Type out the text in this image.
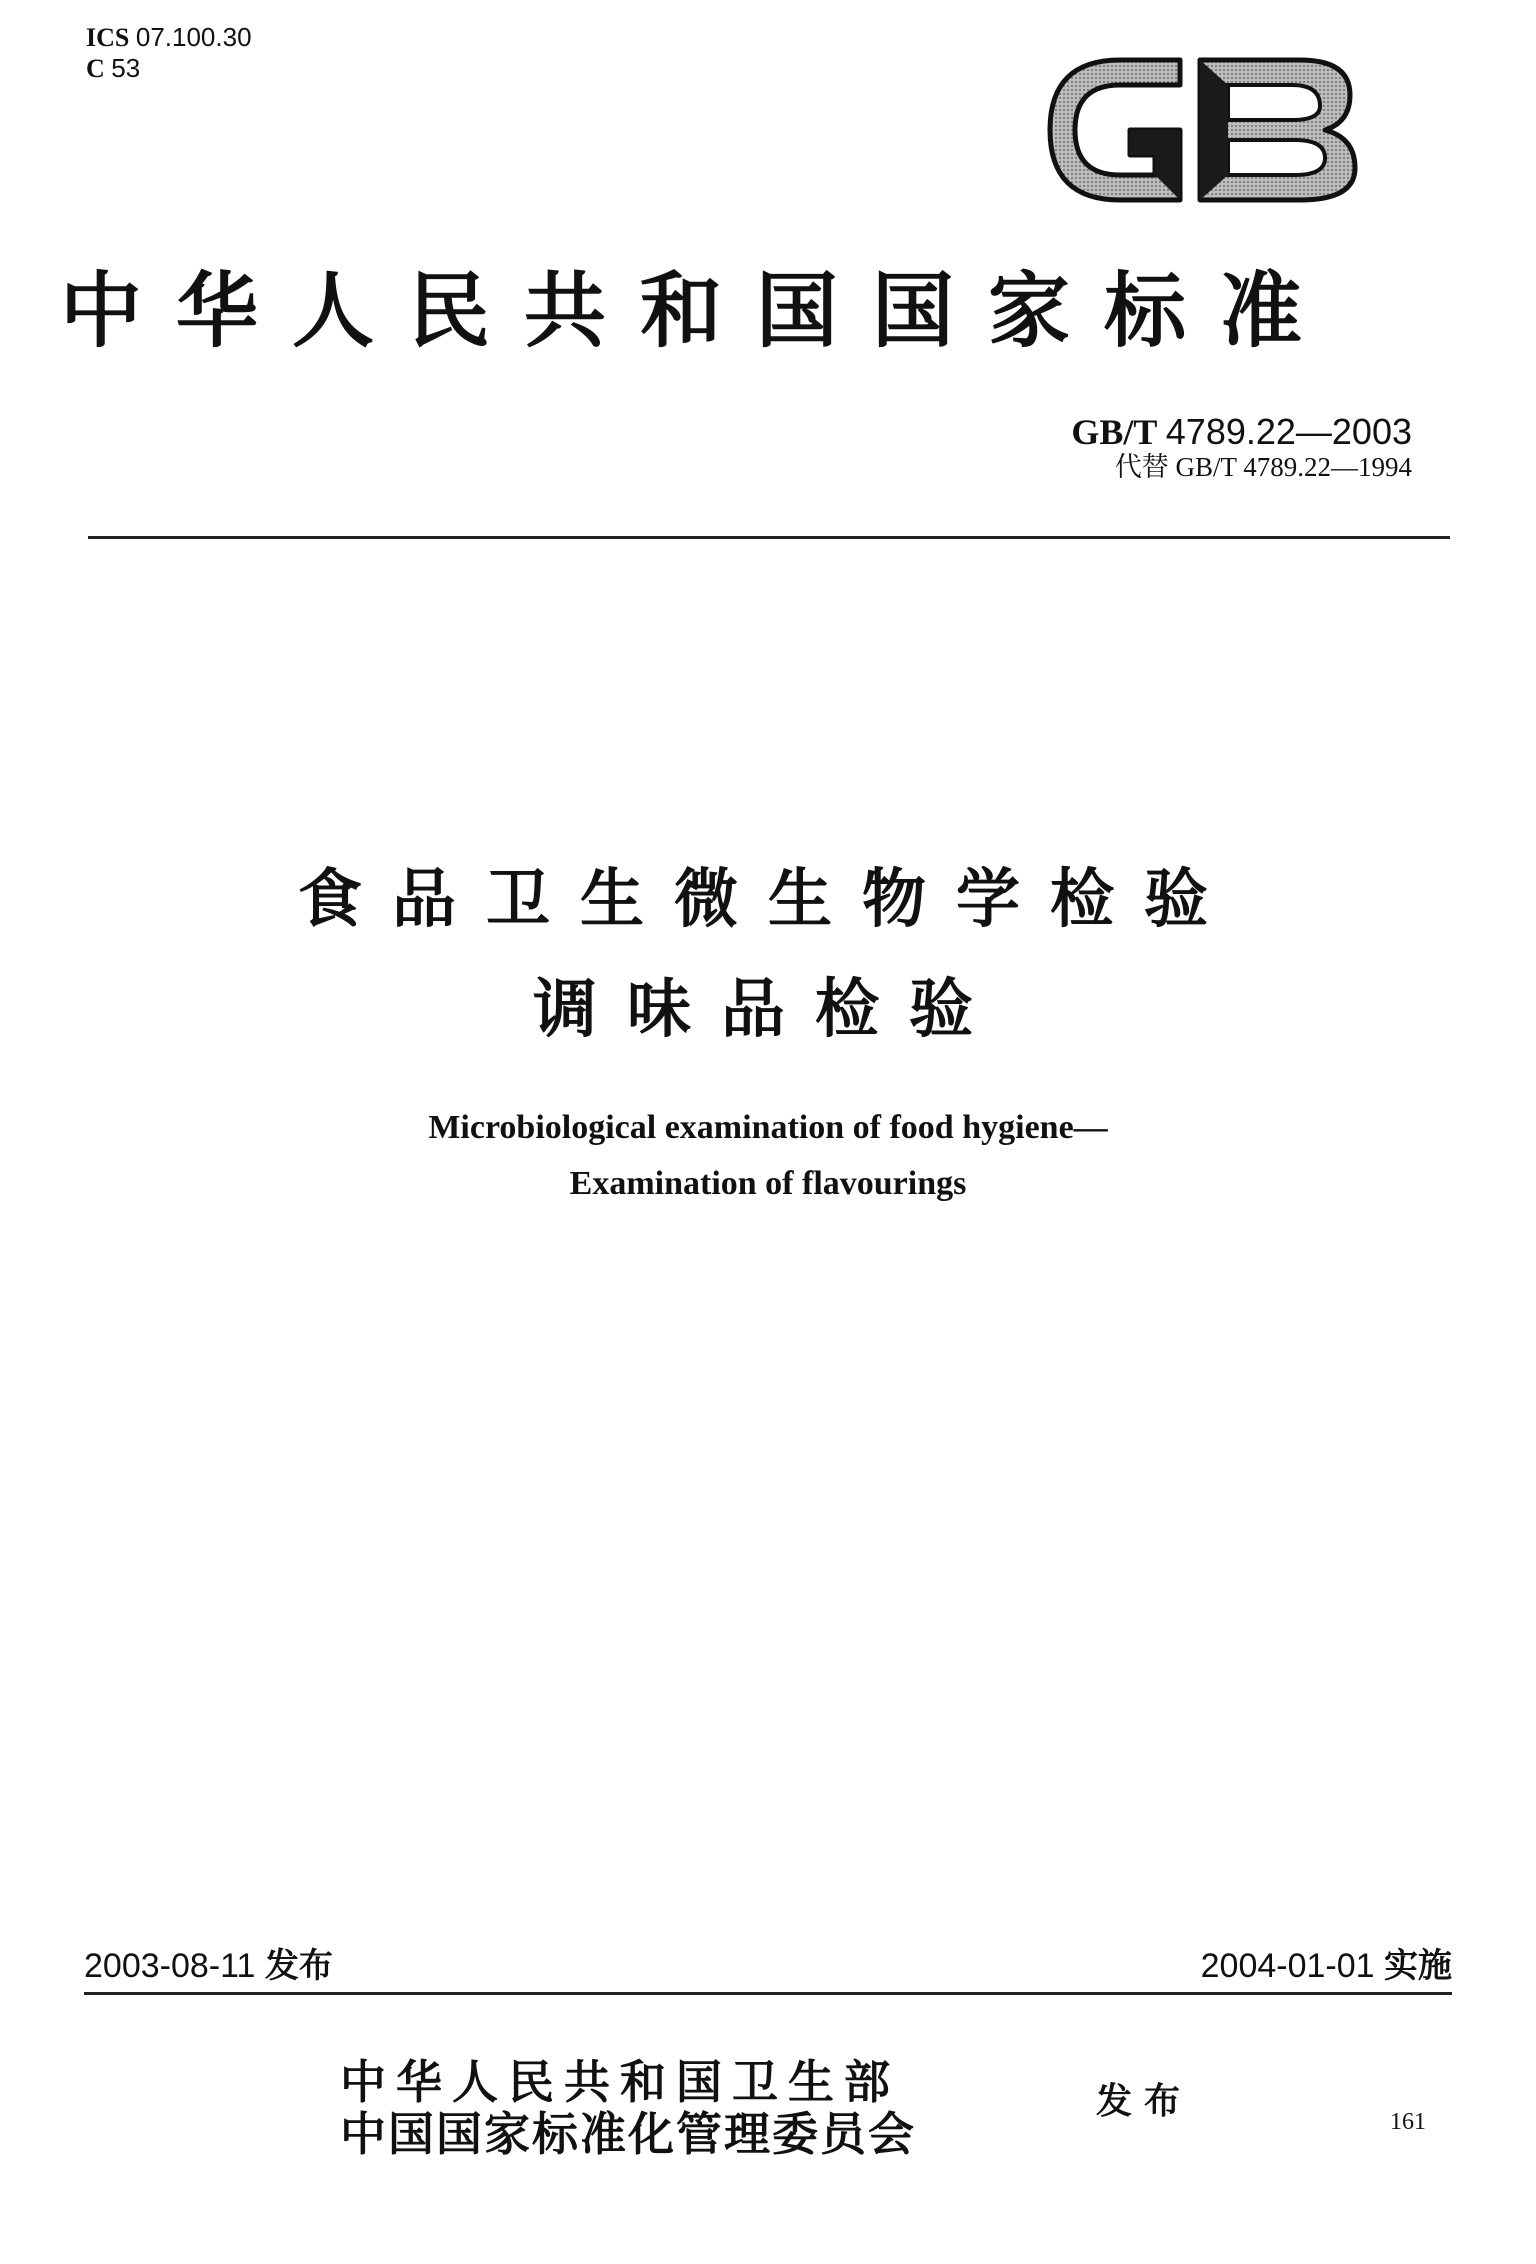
ICS 07.100.30
C 53
中华人民共和国国家标准
GB/T 4789.22—2003
代替 GB/T 4789.22—1994
食品卫生微生物学检验
调味品检验
Microbiological examination of food hygiene—
Examination of flavourings
2003-08-11 发布	2004-01-01 实施
中华人民共和国卫生部
中国国家标准化管理委员会
发布	161
